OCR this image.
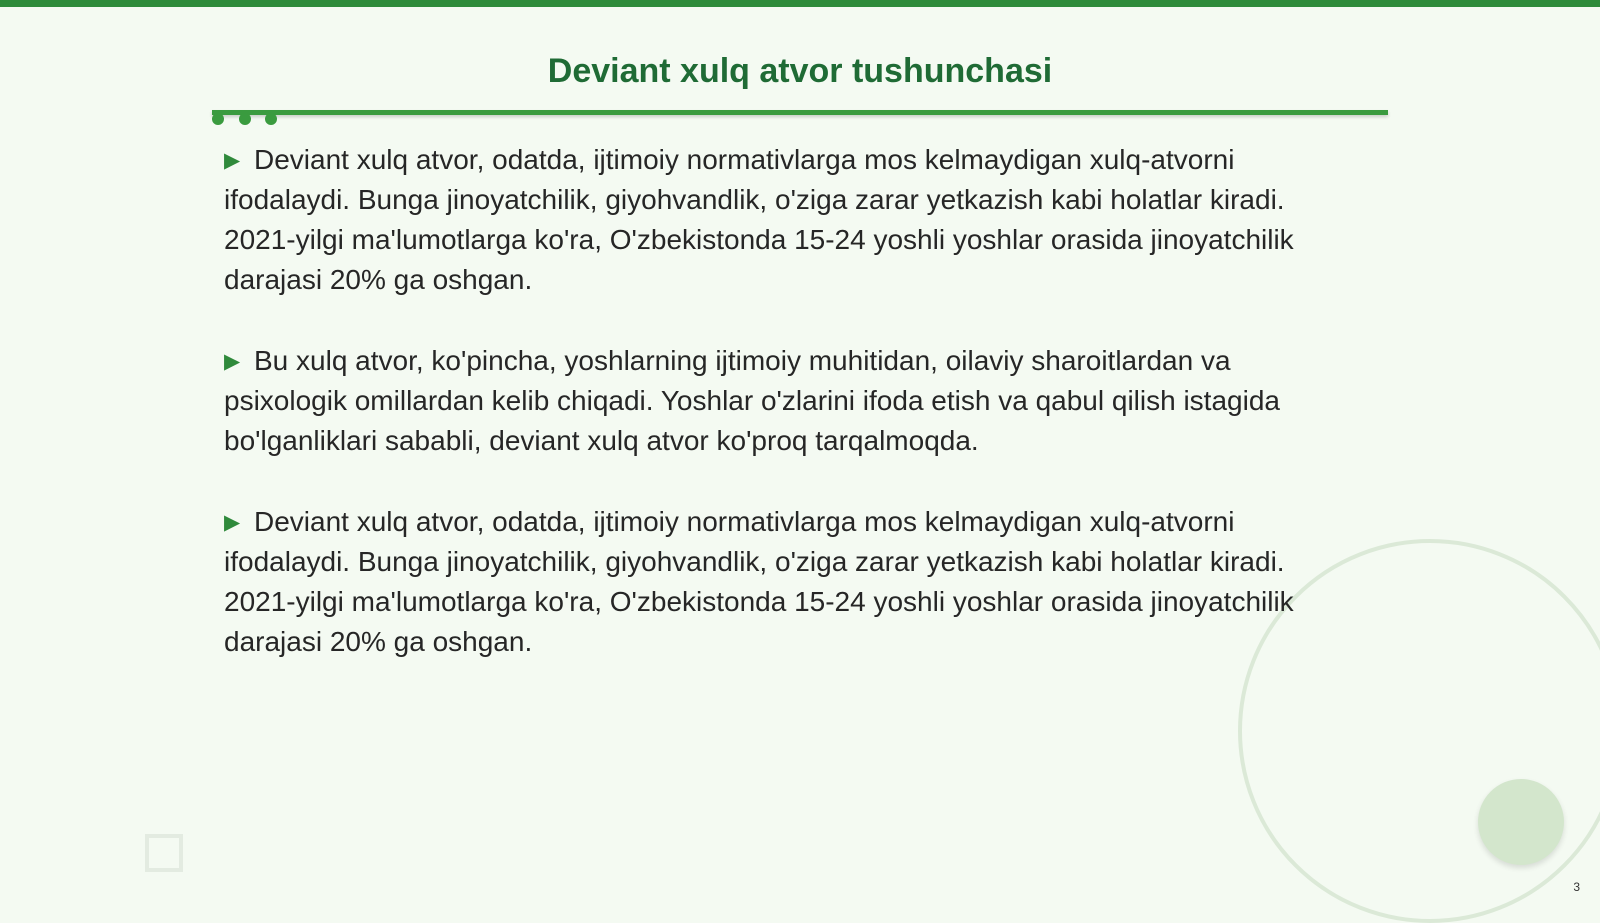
Deviant xulq atvor tushunchasi

▶ Deviant xulq atvor, odatda, ijtimoiy normativlarga mos kelmaydigan xulq-atvorni ifodalaydi. Bunga jinoyatchilik, giyohvandlik, o'ziga zarar yetkazish kabi holatlar kiradi. 2021-yilgi ma'lumotlarga ko'ra, O'zbekistonda 15-24 yoshli yoshlar orasida jinoyatchilik darajasi 20% ga oshgan.

▶ Bu xulq atvor, ko'pincha, yoshlarning ijtimoiy muhitidan, oilaviy sharoitlardan va psixologik omillardan kelib chiqadi. Yoshlar o'zlarini ifoda etish va qabul qilish istagida bo'lganliklari sababli, deviant xulq atvor ko'proq tarqalmoqda.

▶ Deviant xulq atvor, odatda, ijtimoiy normativlarga mos kelmaydigan xulq-atvorni ifodalaydi. Bunga jinoyatchilik, giyohvandlik, o'ziga zarar yetkazish kabi holatlar kiradi. 2021-yilgi ma'lumotlarga ko'ra, O'zbekistonda 15-24 yoshli yoshlar orasida jinoyatchilik darajasi 20% ga oshgan.

3
